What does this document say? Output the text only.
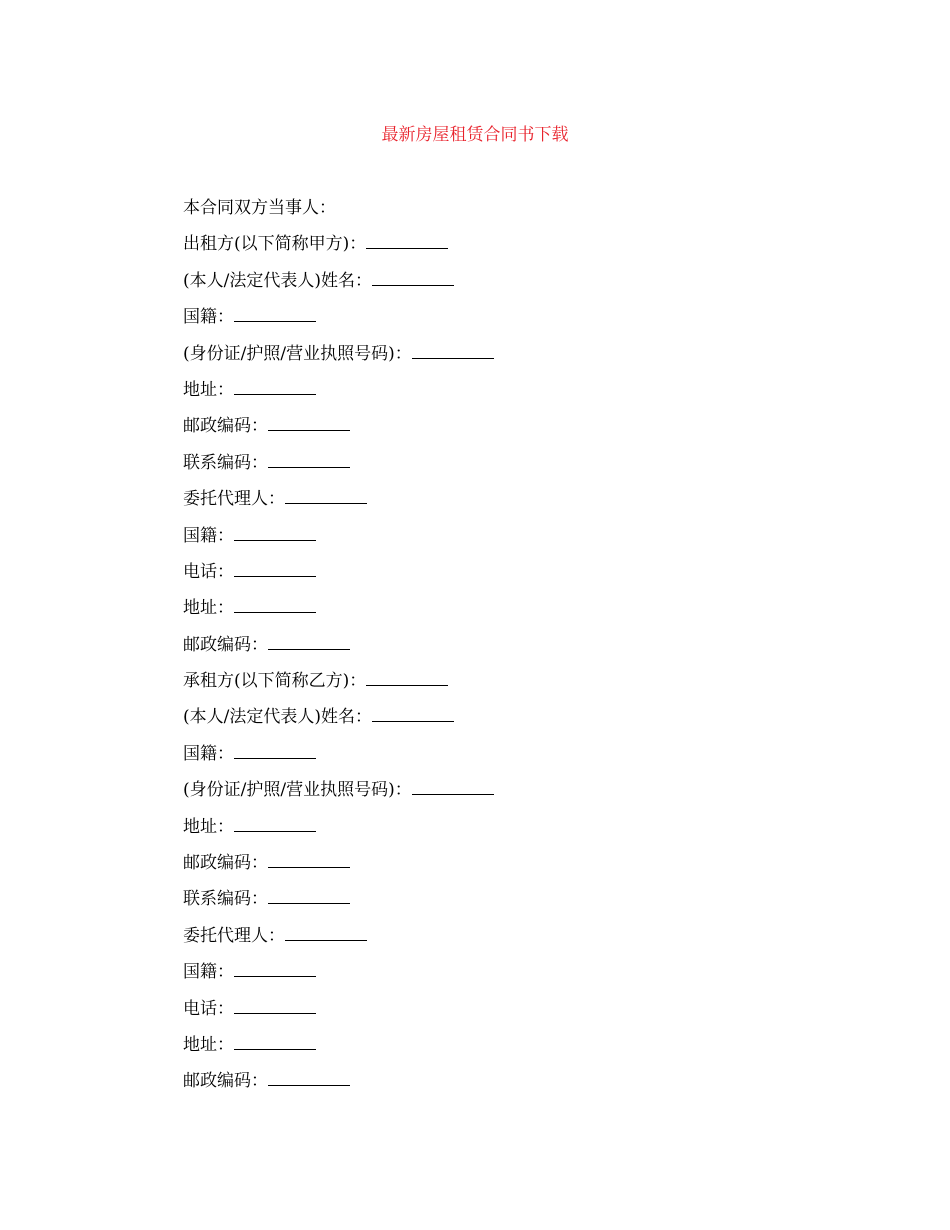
最新房屋租赁合同书下载
本合同双方当事人：
出租方(以下简称甲方)：
(本人/法定代表人)姓名：
国籍：
(身份证/护照/营业执照号码)：
地址：
邮政编码：
联系编码：
委托代理人：
国籍：
电话：
地址：
邮政编码：
承租方(以下简称乙方)：
(本人/法定代表人)姓名：
国籍：
(身份证/护照/营业执照号码)：
地址：
邮政编码：
联系编码：
委托代理人：
国籍：
电话：
地址：
邮政编码：
